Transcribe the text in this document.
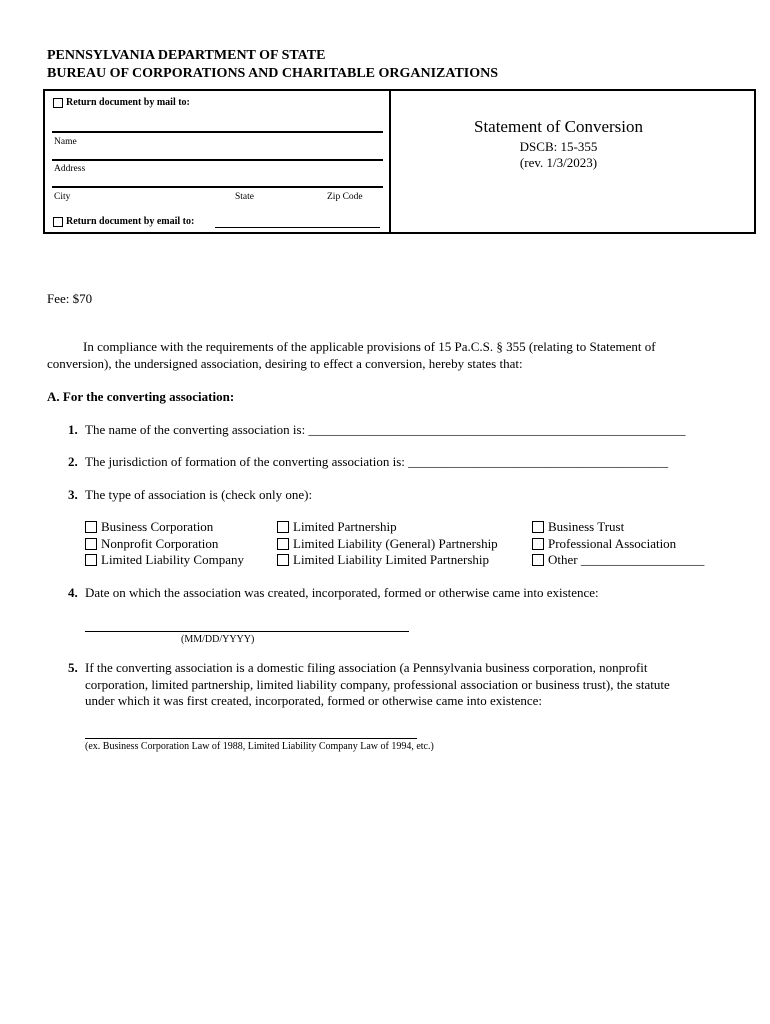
PENNSYLVANIA DEPARTMENT OF STATE
BUREAU OF CORPORATIONS AND CHARITABLE ORGANIZATIONS
Return document by mail to:
Name
Address
City	State	Zip Code
Return document by email to:
Statement of Conversion
DSCB: 15-355
(rev. 1/3/2023)
Fee: $70
In compliance with the requirements of the applicable provisions of 15 Pa.C.S. § 355 (relating to Statement of
conversion), the undersigned association, desiring to effect a conversion, hereby states that:
A. For the converting association:
1. The name of the converting association is: __________________________________________________________
2. The jurisdiction of formation of the converting association is: ________________________________________
3. The type of association is (check only one):
Business Corporation
Nonprofit Corporation
Limited Liability Company
Limited Partnership
Limited Liability (General) Partnership
Limited Liability Limited Partnership
Business Trust
Professional Association
Other ___________________
4. Date on which the association was created, incorporated, formed or otherwise came into existence:
(MM/DD/YYYY)
5. If the converting association is a domestic filing association (a Pennsylvania business corporation, nonprofit
corporation, limited partnership, limited liability company, professional association or business trust), the statute
under which it was first created, incorporated, formed or otherwise came into existence:
(ex. Business Corporation Law of 1988, Limited Liability Company Law of 1994, etc.)
